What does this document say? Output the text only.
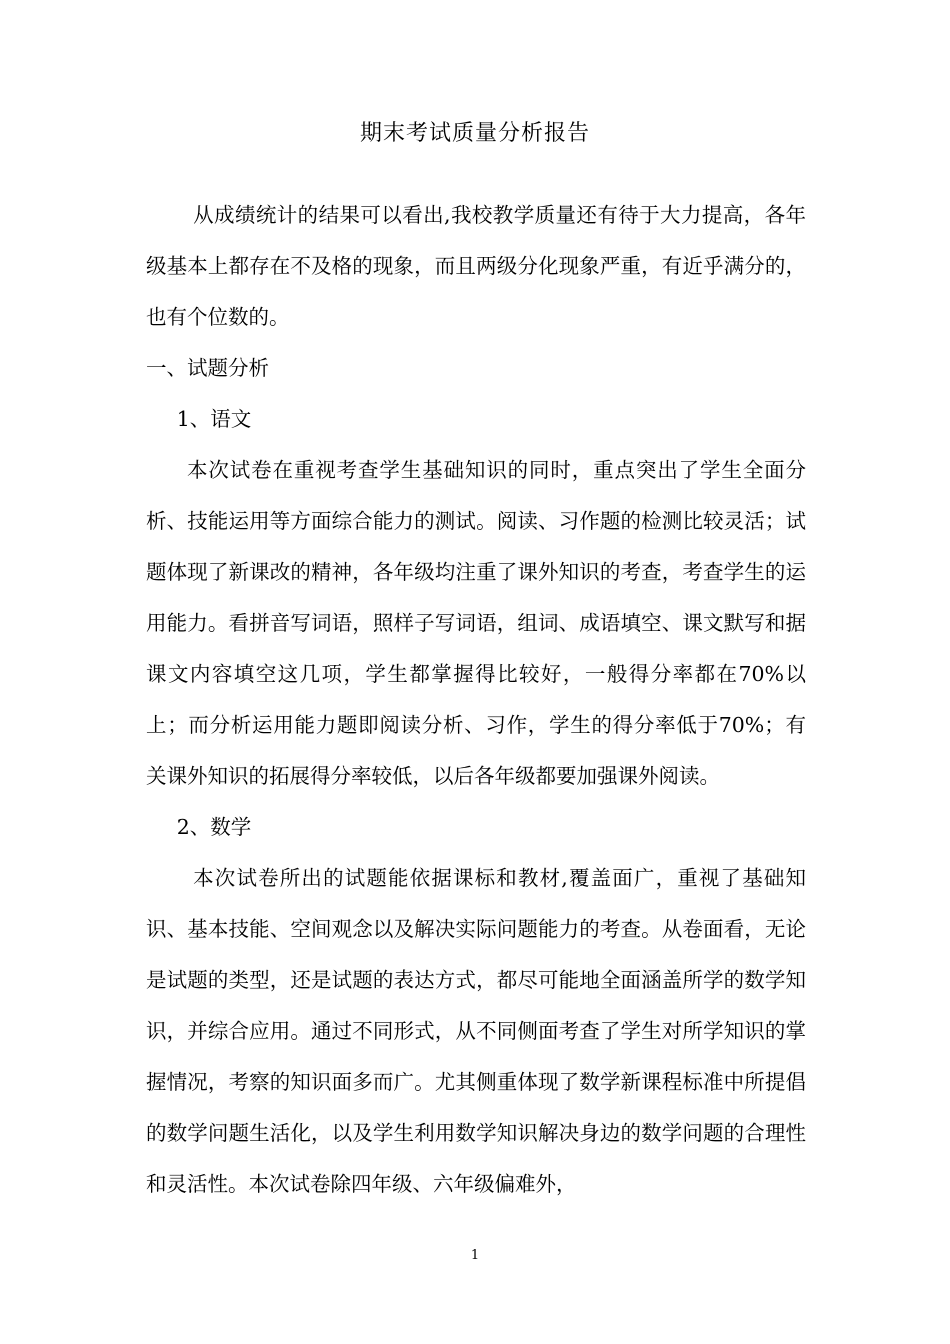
期末考试质量分析报告

从成绩统计的结果可以看出,我校教学质量还有待于大力提高，各年级基本上都存在不及格的现象，而且两级分化现象严重，有近乎满分的，也有个位数的。

一、试题分析

1、语文

本次试卷在重视考查学生基础知识的同时，重点突出了学生全面分析、技能运用等方面综合能力的测试。阅读、习作题的检测比较灵活；试题体现了新课改的精神，各年级均注重了课外知识的考查，考查学生的运用能力。看拼音写词语，照样子写词语，组词、成语填空、课文默写和据课文内容填空这几项，学生都掌握得比较好，一般得分率都在70%以上；而分析运用能力题即阅读分析、习作，学生的得分率低于70%；有关课外知识的拓展得分率较低，以后各年级都要加强课外阅读。

2、数学

本次试卷所出的试题能依据课标和教材,覆盖面广，重视了基础知识、基本技能、空间观念以及解决实际问题能力的考查。从卷面看，无论是试题的类型，还是试题的表达方式，都尽可能地全面涵盖所学的数学知识，并综合应用。通过不同形式，从不同侧面考查了学生对所学知识的掌握情况，考察的知识面多而广。尤其侧重体现了数学新课程标准中所提倡的数学问题生活化，以及学生利用数学知识解决身边的数学问题的合理性和灵活性。本次试卷除四年级、六年级偏难外，

1
